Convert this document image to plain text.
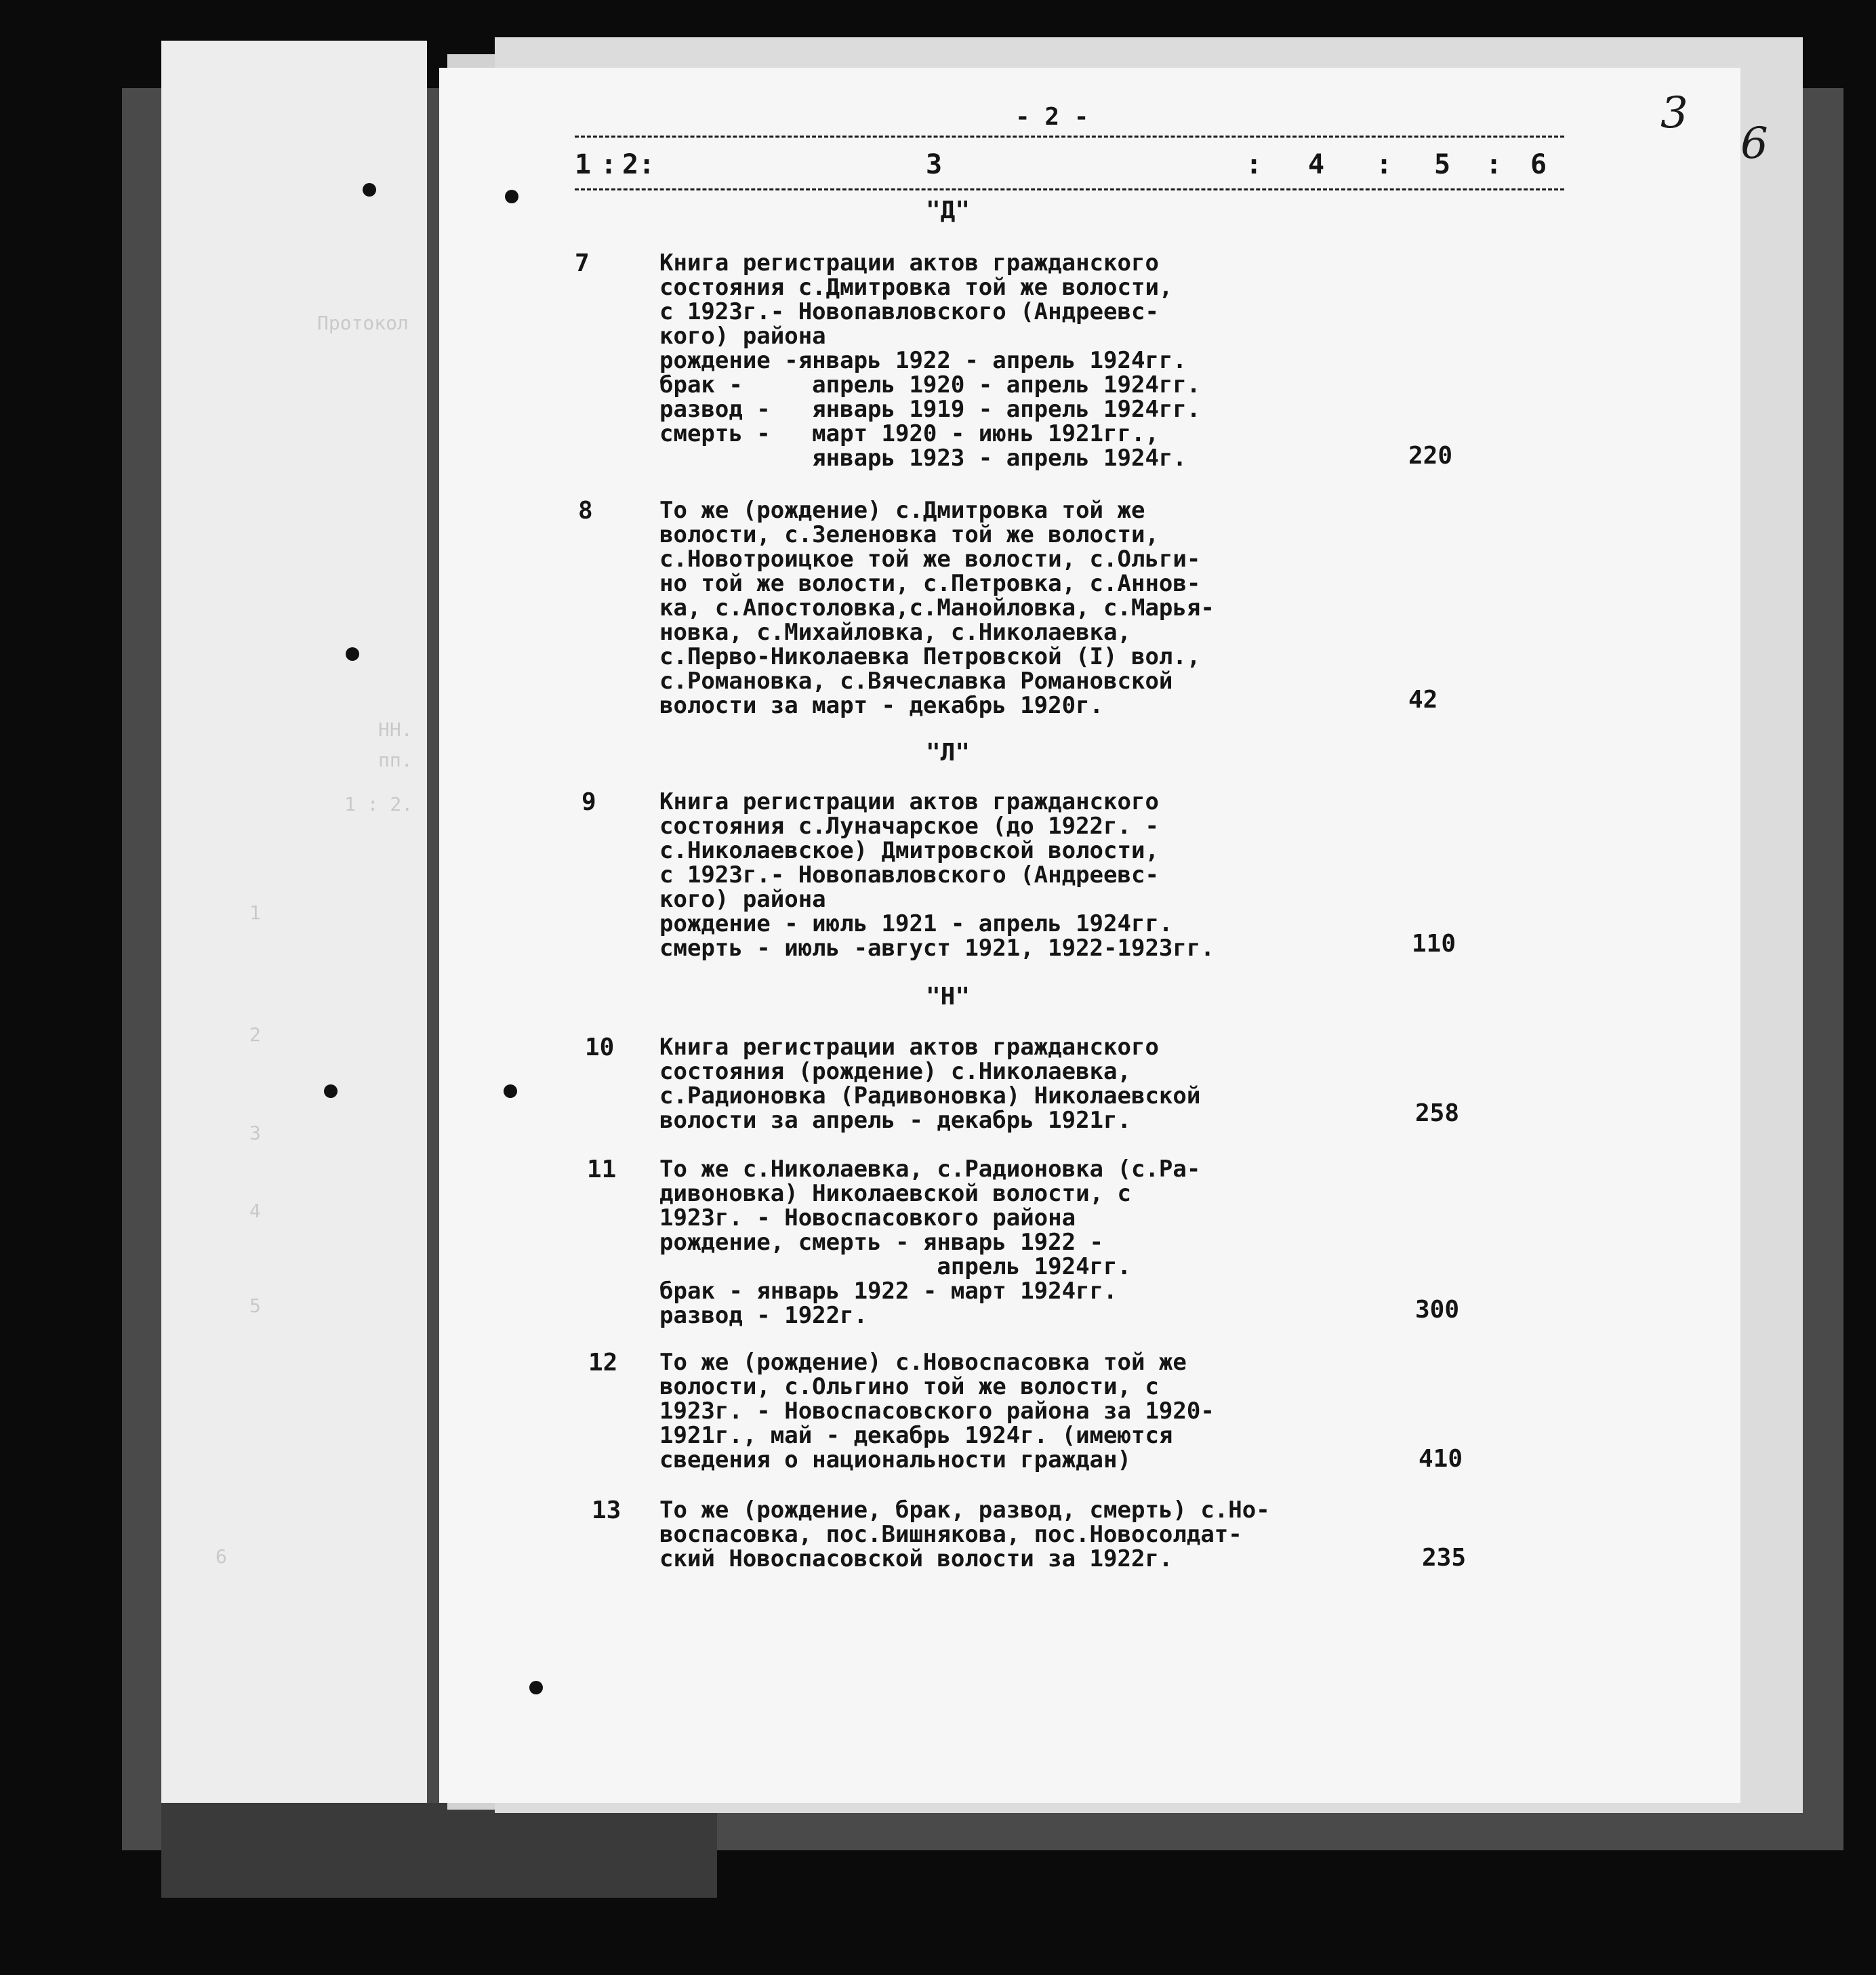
Протокол
НН.
пп.
1 : 2.
1
2
3
4
5
6
- 2 -
1 : 2:	3	: 4 : 5 : 6
"Д"
7	Книга регистрации актов гражданского
состояния с.Дмитровка той же волости,
с 1923г.- Новопавловского (Андреевс-
кого) района
рождение -январь 1922 - апрель 1924гг.
брак -     апрель 1920 - апрель 1924гг.
развод -   январь 1919 - апрель 1924гг.
смерть -   март 1920 - июнь 1921гг.,
январь 1923 - апрель 1924г.	220
8	То же (рождение) с.Дмитровка той же
волости, с.Зеленовка той же волости,
с.Новотроицкое той же волости, с.Ольги-
но той же волости, с.Петровка, с.Аннов-
ка, с.Апостоловка,с.Манойловка, с.Марья-
новка, с.Михайловка, с.Николаевка,
с.Перво-Николаевка Петровской (I) вол.,
с.Романовка, с.Вячеславка Романовской
волости за март - декабрь 1920г.	42
"Л"
9	Книга регистрации актов гражданского
состояния с.Луначарское (до 1922г. -
с.Николаевское) Дмитровской волости,
с 1923г.- Новопавловского (Андреевс-
кого) района
рождение - июль 1921 - апрель 1924гг.
смерть - июль -август 1921, 1922-1923гг.	110
"Н"
10 Книга регистрации актов гражданского
состояния (рождение) с.Николаевка,
с.Радионовка (Радивоновка) Николаевской
волости за апрель - декабрь 1921г.	258
11 То же с.Николаевка, с.Радионовка (с.Ра-
дивоновка) Николаевской волости, с
1923г. - Новоспасовкого района
рождение, смерть - январь 1922 -
апрель 1924гг.
брак - январь 1922 - март 1924гг.
развод - 1922г.	300
12 То же (рождение) с.Новоспасовка той же
волости, с.Ольгино той же волости, с
1923г. - Новоспасовского района за 1920-
1921г., май - декабрь 1924г. (имеются
сведения о национальности граждан)	410
13 То же (рождение, брак, развод, смерть) с.Но-
воспасовка, пос.Вишнякова, пос.Новосолдат-
ский Новоспасовской волости за 1922г.	235
3
6
